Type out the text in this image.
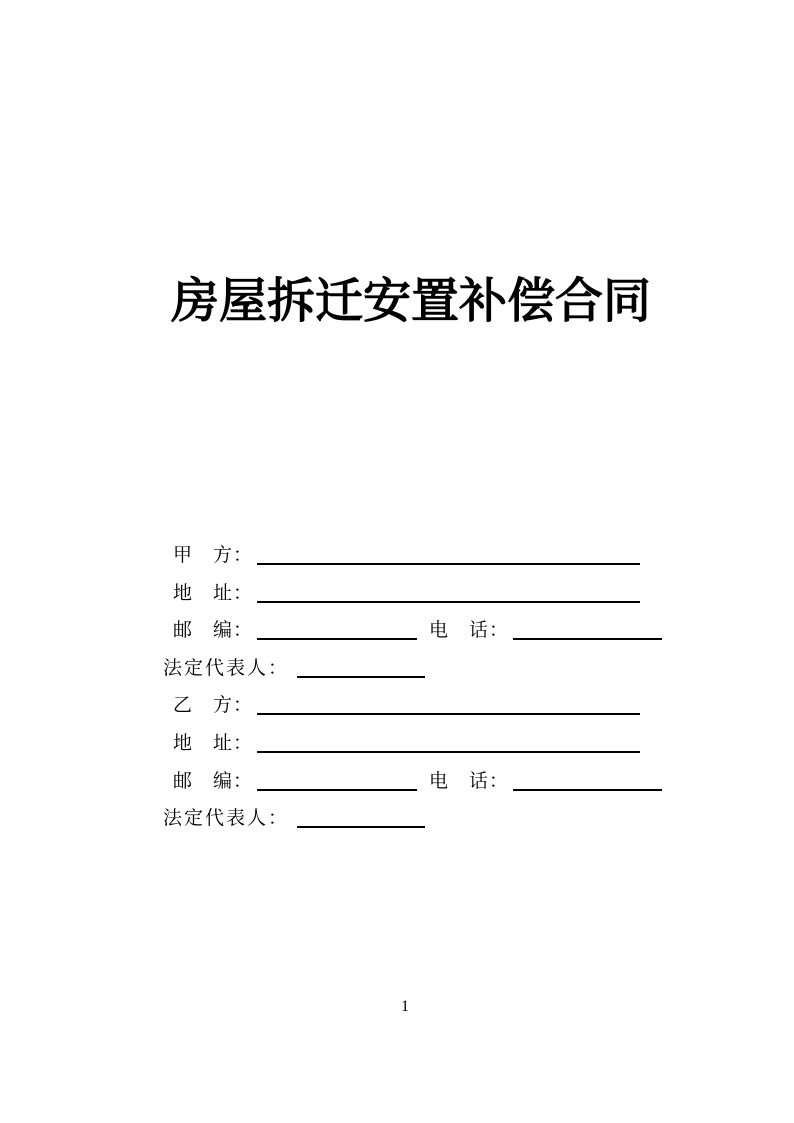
房屋拆迁安置补偿合同
甲　方：
地　址：
邮　编：	电　话：
法定代表人：
乙　方：
地　址：
邮　编：	电　话：
法定代表人：
1
